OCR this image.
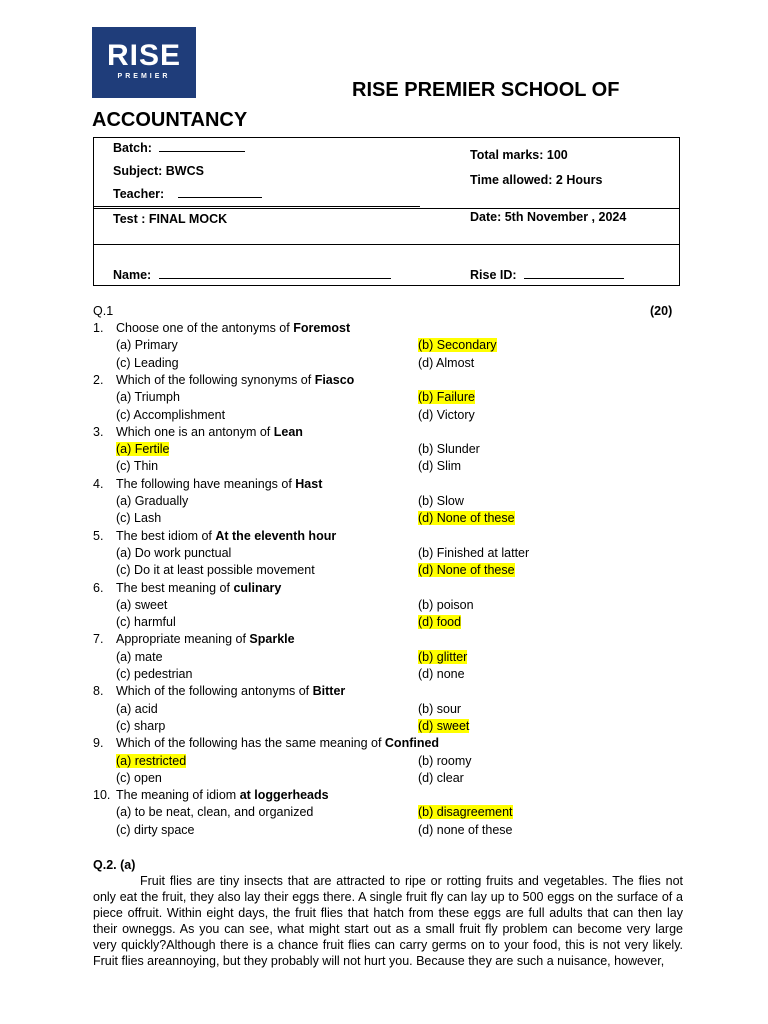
RISE
PREMIER
RISE PREMIER SCHOOL OF
ACCOUNTANCY
Batch:
Subject: BWCS
Teacher:
Total marks: 100
Time allowed: 2 Hours
Test : FINAL MOCK	Date: 5th November , 2024
Name:	Rise ID:
Q.1	(20)
1. Choose one of the antonyms of Foremost
(a) Primary	(b) Secondary
(c) Leading	(d) Almost
2. Which of the following synonyms of Fiasco
(a) Triumph	(b) Failure
(c) Accomplishment	(d) Victory
3. Which one is an antonym of Lean
(a) Fertile	(b) Slunder
(c) Thin	(d) Slim
4. The following have meanings of Hast
(a) Gradually	(b) Slow
(c) Lash	(d) None of these
5. The best idiom of At the eleventh hour
(a) Do work punctual	(b) Finished at latter
(c) Do it at least possible movement	(d) None of these
6. The best meaning of culinary
(a) sweet	(b) poison
(c) harmful	(d) food
7. Appropriate meaning of Sparkle
(a) mate	(b) glitter
(c) pedestrian	(d) none
8. Which of the following antonyms of Bitter
(a) acid	(b) sour
(c) sharp	(d) sweet
9. Which of the following has the same meaning of Confined
(a) restricted	(b) roomy
(c) open	(d) clear
10. The meaning of idiom at loggerheads
(a) to be neat, clean, and organized	(b) disagreement
(c) dirty space	(d) none of these
Q.2. (a)
Fruit flies are tiny insects that are attracted to ripe or rotting fruits and vegetables. The flies not only eat the fruit, they also lay their eggs there. A single fruit fly can lay up to 500 eggs on the surface of a piece offruit. Within eight days, the fruit flies that hatch from these eggs are full adults that can then lay their owneggs. As you can see, what might start out as a small fruit fly problem can become very large very quickly?Although there is a chance fruit flies can carry germs on to your food, this is not very likely. Fruit flies areannoying, but they probably will not hurt you. Because they are such a nuisance, however,
